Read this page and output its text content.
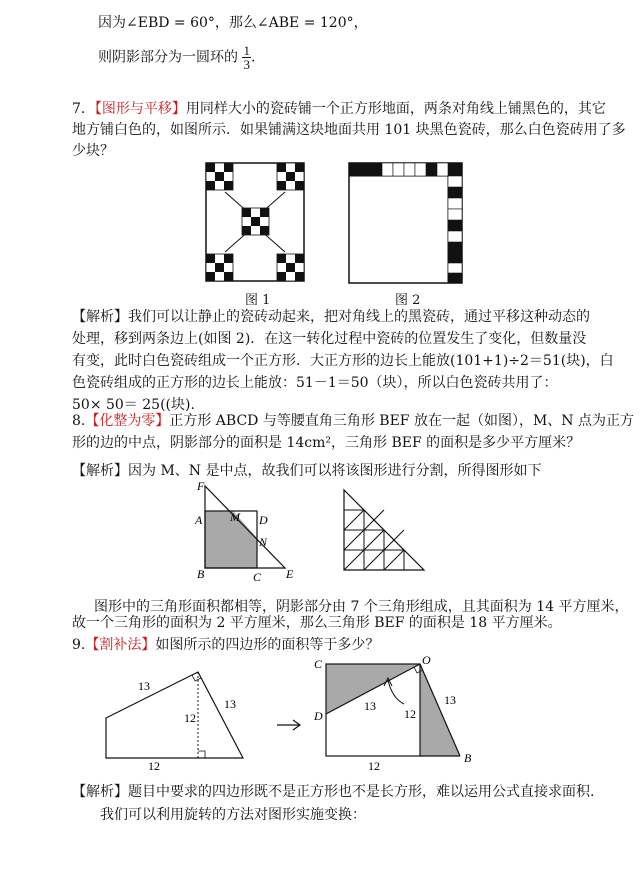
因为∠EBD = 60°，那么∠ABE = 120°，
则阴影部分为一圆环的 $\frac{1}{3}$ .
7．【图形与平移】用同样大小的瓷砖铺一个正方形地面，两条对角线上铺黑色的，其它
地方铺白色的，如图所示．如果铺满这块地面共用 101 块黑色瓷砖，那么白色瓷砖用了多
少块？
图 1	图 2
【解析】我们可以让静止的瓷砖动起来，把对角线上的黑瓷砖，通过平移这种动态的
处理，移到两条边上(如图 2)．在这一转化过程中瓷砖的位置发生了变化，但数量没
有变，此时白色瓷砖组成一个正方形．大正方形的边长上能放(101+1)÷2＝51(块)，白
色瓷砖组成的正方形的边长上能放：51－1＝50（块），所以白色瓷砖共用了：
50× 50＝ 25((块).
8.【化整为零】正方形 ABCD 与等腰直角三角形 BEF 放在一起（如图），M、N 点为正方
形的边的中点，阴影部分的面积是 14cm²，三角形 BEF 的面积是多少平方厘米？
【解析】因为 M、N 是中点，故我们可以将该图形进行分割，所得图形如下
F
A M D
N
B	C E
图形中的三角形面积都相等，阴影部分由 7 个三角形组成，且其面积为 14 平方厘米，
故一个三角形的面积为 2 平方厘米，那么三角形 BEF 的面积是 18 平方厘米。
9.【割补法】如图所示的四边形的面积等于多少？
13
13
12
12
C	O
D
B
13	13
12
12
【解析】题目中要求的四边形既不是正方形也不是长方形，难以运用公式直接求面积.
我们可以利用旋转的方法对图形实施变换：
